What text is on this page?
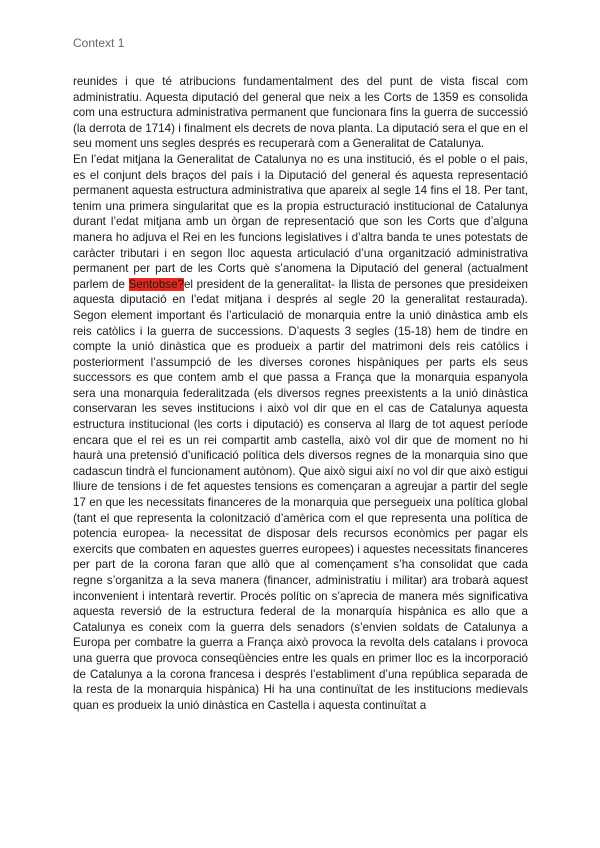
Context 1

reunides i que té atribucions fundamentalment des del punt de vista fiscal com administratiu. Aquesta diputació del general que neix a les Corts de 1359 es consolida com una estructura administrativa permanent que funcionara fins la guerra de successió (la derrota de 1714) i finalment els decrets de nova planta. La diputació sera el que en el seu moment uns segles després es recuperarà com a Generalitat de Catalunya.

En l’edat mitjana la Generalitat de Catalunya no es una institució, és el poble o el pais, es el conjunt dels braços del país i la Diputació del general és aquesta representació permanent aquesta estructura administrativa que apareix al segle 14 fins el 18. Per tant, tenim una primera singularitat que es la propia estructuració institucional de Catalunya durant l’edat mitjana amb un òrgan de representació que son les Corts que d’alguna manera ho adjuva el Rei en les funcions legislatives i d’altra banda te unes potestats de caràcter tributari i en segon lloc aquesta articulació d’una organització administrativa permanent per part de les Corts què s’anomena la Diputació del general (actualment parlem de Sentobse?el president de la generalitat- la llista de persones que presideixen aquesta diputació en l’edat mitjana i després al segle 20 la generalitat restaurada). Segon element important és l’articulació de monarquia entre la unió dinàstica amb els reis catòlics i la guerra de successions. D’aquests 3 segles (15-18) hem de tindre en compte la unió dinàstica que es produeix a partir del matrimoni dels reis catòlics i posteriorment l’assumpció de les diverses corones hispàniques per parts els seus successors es que contem amb el que passa a França que la monarquia espanyola sera una monarquia federalitzada (els diversos regnes preexistents a la unió dinàstica conservaran les seves institucions i això vol dir que en el cas de Catalunya aquesta estructura institucional (les corts i diputació) es conserva al llarg de tot aquest període encara que el rei es un rei compartit amb castella, això vol dir que de moment no hi haurà una pretensió d’unificació política dels diversos regnes de la monarquia sino que cadascun tindrà el funcionament autònom). Que això sigui així no vol dir que això estigui lliure de tensions i de fet aquestes tensions es començaran a agreujar a partir del segle 17 en que les necessitats financeres de la monarquia que persegueix una política global (tant el que representa la colonització d’amèrica com el que representa una política de potencia europea- la necessitat de disposar dels recursos econòmics per pagar els exercits que combaten en aquestes guerres europees) i aquestes necessitats financeres per part de la corona faran que allò que al començament s’ha consolidat que cada regne s’organitza a la seva manera (financer, administratiu i militar) ara trobarà aquest inconvenient i intentarà revertir. Procés polític on s’aprecia de manera més significativa aquesta reversió de la estructura federal de la monarquía hispànica es allo que a Catalunya es coneix com la guerra dels senadors (s’envien soldats de Catalunya a Europa per combatre la guerra a França això provoca la revolta dels catalans i provoca una guerra que provoca conseqüències entre les quals en primer lloc es la incorporació de Catalunya a la corona francesa i després l’establiment d’una república separada de la resta de la monarquia hispànica) Hi ha una continuïtat de les institucions medievals quan es produeix la unió dinàstica en Castella i aquesta continuïtat a
